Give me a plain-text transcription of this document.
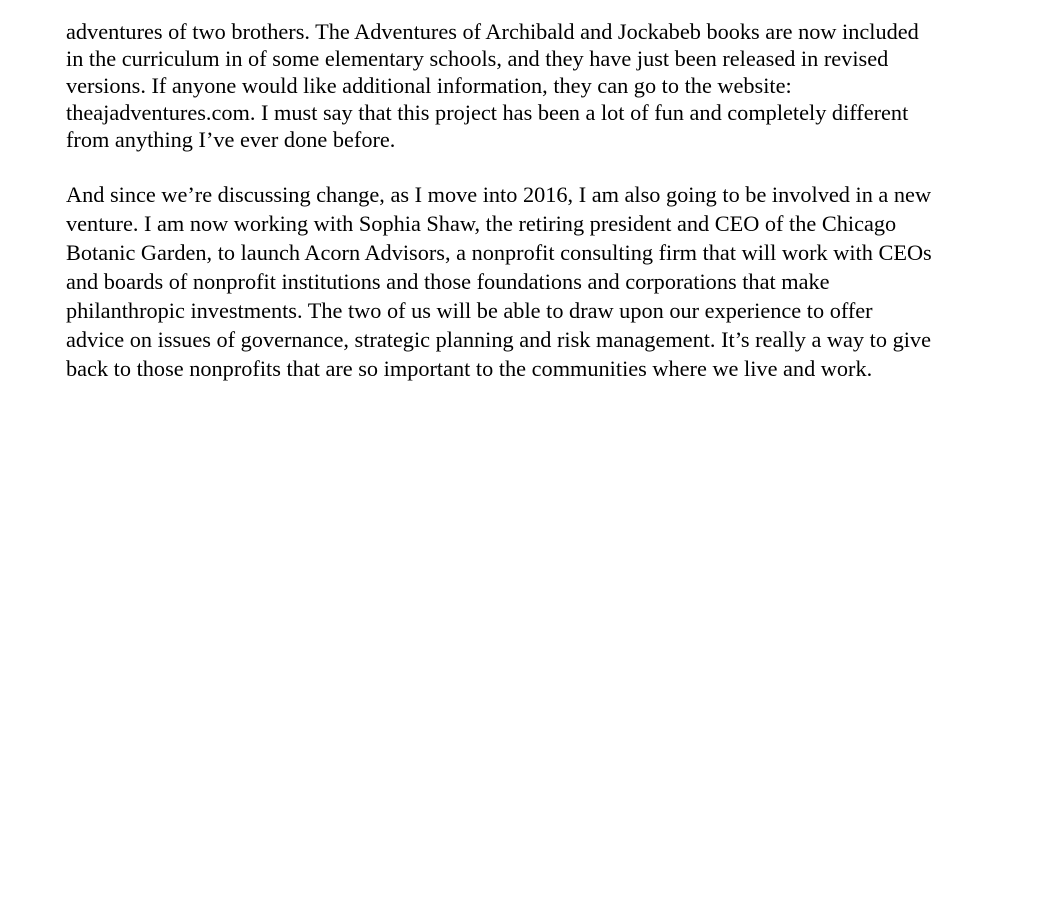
adventures of two brothers. The Adventures of Archibald and Jockabeb books are now included
in the curriculum in of some elementary schools, and they have just been released in revised
versions. If anyone would like additional information, they can go to the website:
theajadventures.com. I must say that this project has been a lot of fun and completely different
from anything I’ve ever done before.

And since we’re discussing change, as I move into 2016, I am also going to be involved in a new
venture. I am now working with Sophia Shaw, the retiring president and CEO of the Chicago
Botanic Garden, to launch Acorn Advisors, a nonprofit consulting firm that will work with CEOs
and boards of nonprofit institutions and those foundations and corporations that make
philanthropic investments. The two of us will be able to draw upon our experience to offer
advice on issues of governance, strategic planning and risk management. It’s really a way to give
back to those nonprofits that are so important to the communities where we live and work.
